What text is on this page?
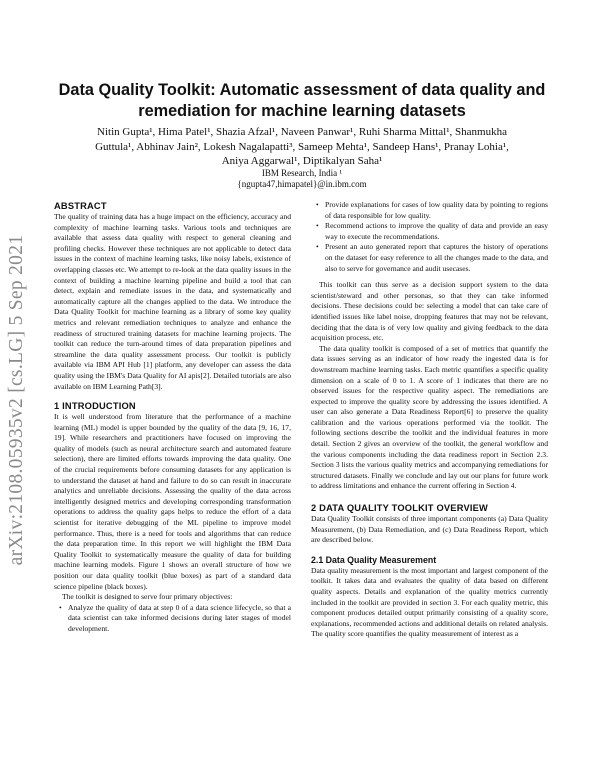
arXiv:2108.05935v2 [cs.LG] 5 Sep 2021
Data Quality Toolkit: Automatic assessment of data quality and
remediation for machine learning datasets
Nitin Gupta¹, Hima Patel¹, Shazia Afzal¹, Naveen Panwar¹, Ruhi Sharma Mittal¹, Shanmukha
Guttula¹, Abhinav Jain², Lokesh Nagalapatti³, Sameep Mehta¹, Sandeep Hans¹, Pranay Lohia¹,
Aniya Aggarwal¹, Diptikalyan Saha¹
IBM Research, India ¹
{ngupta47,himapatel}@in.ibm.com
ABSTRACT

The quality of training data has a huge impact on the efficiency, accuracy and complexity of machine learning tasks. Various tools and techniques are available that assess data quality with respect to general cleaning and profiling checks. However these techniques are not applicable to detect data issues in the context of machine learning tasks, like noisy labels, existence of overlapping classes etc. We attempt to re-look at the data quality issues in the context of building a machine learning pipeline and build a tool that can detect, explain and remediate issues in the data, and systematically and automatically capture all the changes applied to the data. We introduce the Data Quality Toolkit for machine learning as a library of some key quality metrics and relevant remediation techniques to analyze and enhance the readiness of structured training datasets for machine learning projects. The toolkit can reduce the turn-around times of data preparation pipelines and streamline the data quality assessment process. Our toolkit is publicly available via IBM API Hub [1] platform, any developer can assess the data quality using the IBM's Data Quality for AI apis[2]. Detailed tutorials are also available on IBM Learning Path[3].

1 INTRODUCTION

It is well understood from literature that the performance of a machine learning (ML) model is upper bounded by the quality of the data [9, 16, 17, 19]. While researchers and practitioners have focused on improving the quality of models (such as neural architecture search and automated feature selection), there are limited efforts towards improving the data quality. One of the crucial requirements before consuming datasets for any application is to understand the dataset at hand and failure to do so can result in inaccurate analytics and unreliable decisions. Assessing the quality of the data across intelligently designed metrics and developing corresponding transformation operations to address the quality gaps helps to reduce the effort of a data scientist for iterative debugging of the ML pipeline to improve model performance. Thus, there is a need for tools and algorithms that can reduce the data preparation time. In this report we will highlight the IBM Data Quality Toolkit to systematically measure the quality of data for building machine learning models. Figure 1 shows an overall structure of how we position our data quality toolkit (blue boxes) as part of a standard data science pipeline (black boxes).

The toolkit is designed to serve four primary objectives:

• Analyze the quality of data at step 0 of a data science lifecycle, so that a data scientist can take informed decisions during later stages of model development.
• Provide explanations for cases of low quality data by pointing to regions of data responsible for low quality.
• Recommend actions to improve the quality of data and provide an easy way to execute the recommendations.
• Present an auto generated report that captures the history of operations on the dataset for easy reference to all the changes made to the data, and also to serve for governance and audit usecases.

This toolkit can thus serve as a decision support system to the data scientist/steward and other personas, so that they can take informed decisions. These decisions could be: selecting a model that can take care of identified issues like label noise, dropping features that may not be relevant, deciding that the data is of very low quality and giving feedback to the data acquisition process, etc.

The data quality toolkit is composed of a set of metrics that quantify the data issues serving as an indicator of how ready the ingested data is for downstream machine learning tasks. Each metric quantifies a specific quality dimension on a scale of 0 to 1. A score of 1 indicates that there are no observed issues for the respective quality aspect. The remediations are expected to improve the quality score by addressing the issues identified. A user can also generate a Data Readiness Report[6] to preserve the quality calibration and the various operations performed via the toolkit. The following sections describe the toolkit and the individual features in more detail. Section 2 gives an overview of the toolkit, the general workflow and the various components including the data readiness report in Section 2.3. Section 3 lists the various quality metrics and accompanying remediations for structured datasets. Finally we conclude and lay out our plans for future work to address limitations and enhance the current offering in Section 4.

2 DATA QUALITY TOOLKIT OVERVIEW

Data Quality Toolkit consists of three important components (a) Data Quality Measurement, (b) Data Remediation, and (c) Data Readiness Report, which are described below.

2.1 Data Quality Measurement

Data quality measurement is the most important and largest component of the toolkit. It takes data and evaluates the quality of data based on different quality aspects. Details and explanation of the quality metrics currently included in the toolkit are provided in section 3. For each quality metric, this component produces detailed output primarily consisting of a quality score, explanations, recommended actions and additional details on related analysis. The quality score quantifies the quality measurement of interest as a
